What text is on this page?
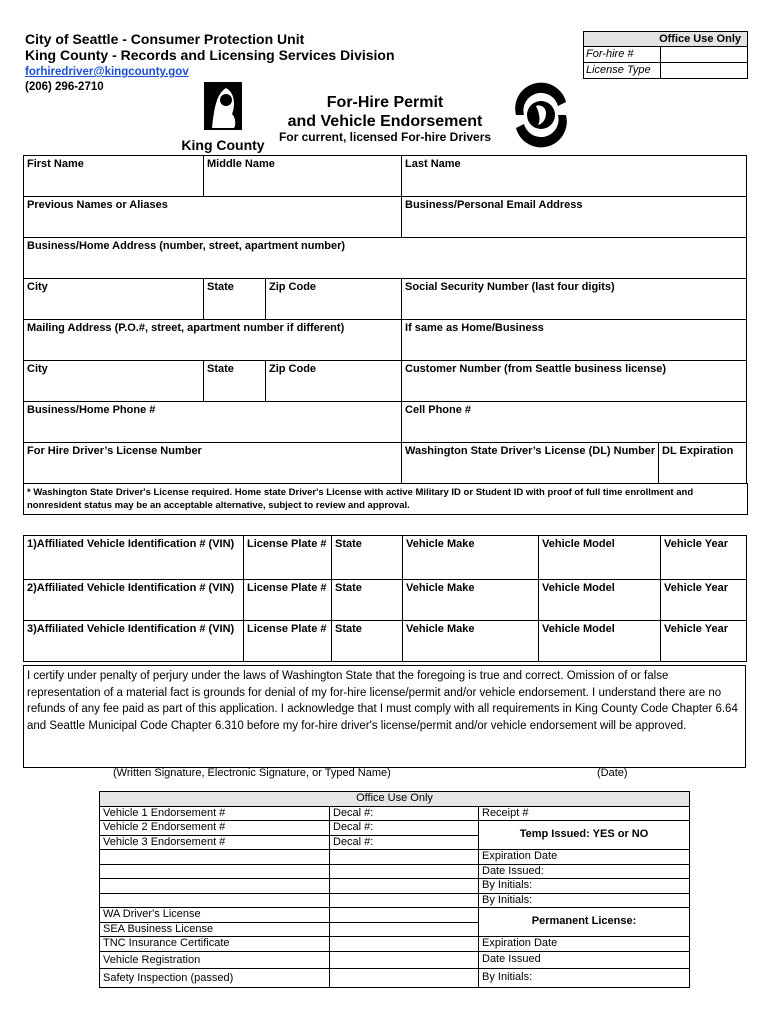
City of Seattle - Consumer Protection Unit
King County - Records and Licensing Services Division
forhiredriver@kingcounty.gov
(206) 296-2710
King County
For-Hire Permit
and Vehicle Endorsement
For current, licensed For-hire Drivers
Office Use Only
For-hire #
License Type
First Name	Middle Name		Last Name	
Previous Names or Aliases			Business/Personal Email Address	
Business/Home Address (number, street, apartment number)				
City	State	Zip Code	Social Security Number (last four digits)	
Mailing Address (P.O.#, street, apartment number if different)			If same as Home/Business	
City	State	Zip Code	Customer Number (from Seattle business license)	
Business/Home Phone #			Cell Phone #	
For Hire Driver’s License Number			Washington State Driver’s License (DL) Number	DL Expiration
* Washington State Driver's License required. Home state Driver's License with active Military ID or Student ID with proof of full time enrollment and nonresident status may be an acceptable alternative, subject to review and approval.
1)Affiliated Vehicle Identification # (VIN)	License Plate #	State	Vehicle Make	Vehicle Model	Vehicle Year
2)Affiliated Vehicle Identification # (VIN)	License Plate #	State	Vehicle Make	Vehicle Model	Vehicle Year
3)Affiliated Vehicle Identification # (VIN)	License Plate #	State	Vehicle Make	Vehicle Model	Vehicle Year
I certify under penalty of perjury under the laws of Washington State that the foregoing is true and correct. Omission of or false representation of a material fact is grounds for denial of my for-hire license/permit and/or vehicle endorsement. I understand there are no refunds of any fee paid as part of this application. I acknowledge that I must comply with all requirements in King County Code Chapter 6.64 and Seattle Municipal Code Chapter 6.310 before my for-hire driver's license/permit and/or vehicle endorsement will be approved.
(Written Signature, Electronic Signature, or Typed Name)	(Date)
Office Use Only		
Vehicle 1 Endorsement #	Decal #:	Receipt #
Vehicle 2 Endorsement #	Decal #:	Temp Issued: YES or NO
Vehicle 3 Endorsement #	Decal #:	
		Expiration Date
		Date Issued:
		By Initials:
		By Initials:
WA Driver's License		Permanent License:
SEA Business License		
TNC Insurance Certificate		Expiration Date
Vehicle Registration		Date Issued
Safety Inspection (passed)		By Initials:
